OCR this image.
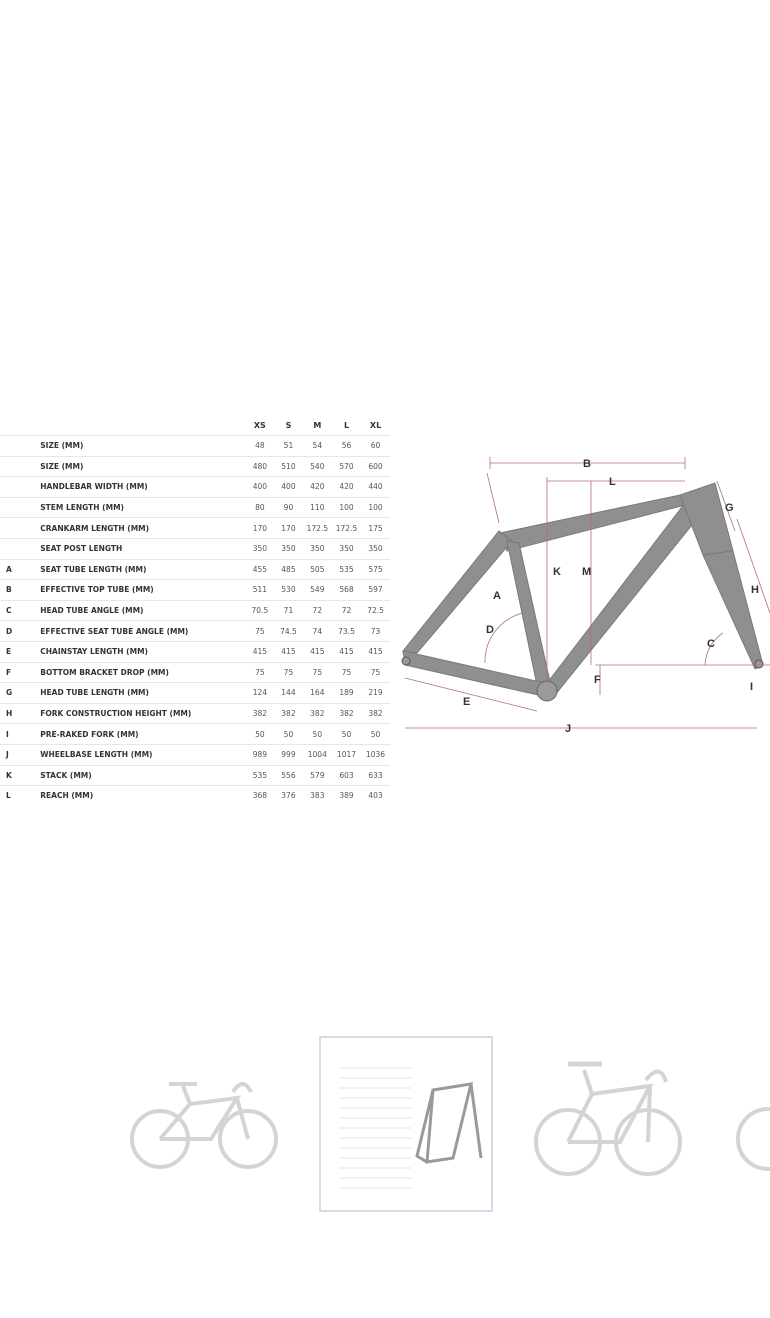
		XS	S	M	L	XL
	SIZE (MM)	48	51	54	56	60
	SIZE (MM)	480	510	540	570	600
	HANDLEBAR WIDTH (MM)	400	400	420	420	440
	STEM LENGTH (MM)	80	90	110	100	100
	CRANKARM LENGTH (MM)	170	170	172.5	172.5	175
	SEAT POST LENGTH	350	350	350	350	350
A	SEAT TUBE LENGTH (MM)	455	485	505	535	575
B	EFFECTIVE TOP TUBE (MM)	511	530	549	568	597
C	HEAD TUBE ANGLE (MM)	70.5	71	72	72	72.5
D	EFFECTIVE SEAT TUBE ANGLE (MM)	75	74.5	74	73.5	73
E	CHAINSTAY LENGTH (MM)	415	415	415	415	415
F	BOTTOM BRACKET DROP (MM)	75	75	75	75	75
G	HEAD TUBE LENGTH (MM)	124	144	164	189	219
H	FORK CONSTRUCTION HEIGHT (MM)	382	382	382	382	382
I	PRE-RAKED FORK (MM)	50	50	50	50	50
J	WHEELBASE LENGTH (MM)	989	999	1004	1017	1036
K	STACK (MM)	535	556	579	603	633
L	REACH (MM)	368	376	383	389	403
B
L
G
K M
H
A
D
C
F
I
E
J
